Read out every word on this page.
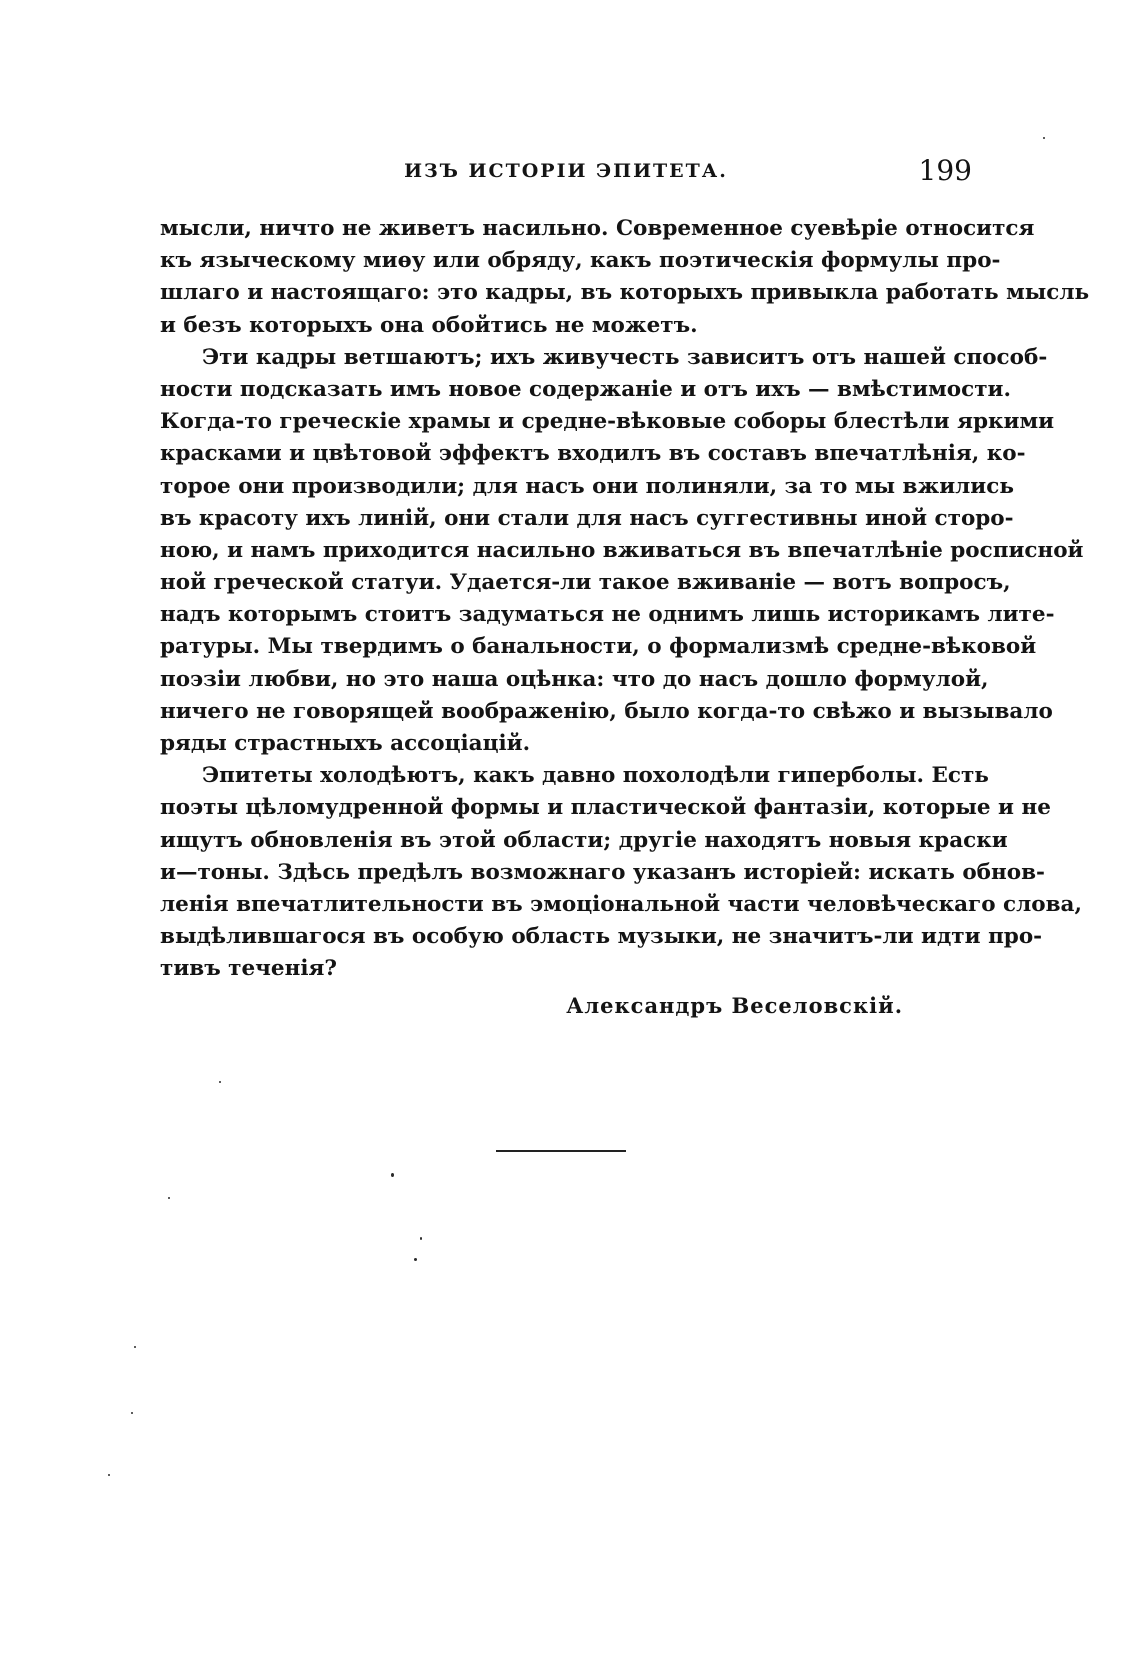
ИЗЪ ИСТОРІИ ЭПИТЕТА.	199
мысли, ничто не живетъ насильно. Современное суевѣріе относится
къ языческому миѳу или обряду, какъ поэтическія формулы про-
шлаго и настоящаго: это кадры, въ которыхъ привыкла работать мысль
и безъ которыхъ она обойтись не можетъ.
Эти кадры ветшаютъ; ихъ живучесть зависитъ отъ нашей способ-
ности подсказать имъ новое содержаніе и отъ ихъ — вмѣстимости.
Когда-то греческіе храмы и средне-вѣковые соборы блестѣли яркими
красками и цвѣтовой эффектъ входилъ въ составъ впечатлѣнія, ко-
торое они производили; для насъ они полиняли, за то мы вжились
въ красоту ихъ линій, они стали для насъ суггестивны иной сторо-
ною, и намъ приходится насильно вживаться въ впечатлѣніе росписной
ной греческой статуи. Удается-ли такое вживаніе — вотъ вопросъ,
надъ которымъ стоитъ задуматься не однимъ лишь историкамъ лите-
ратуры. Мы твердимъ о банальности, о формализмѣ средне-вѣковой
поэзіи любви, но это наша оцѣнка: что до насъ дошло формулой,
ничего не говорящей воображенію, было когда-то свѣжо и вызывало
ряды страстныхъ ассоціацій.
Эпитеты холодѣютъ, какъ давно похолодѣли гиперболы. Есть
поэты цѣломудренной формы и пластической фантазіи, которые и не
ищутъ обновленія въ этой области; другіе находятъ новыя краски
и—тоны. Здѣсь предѣлъ возможнаго указанъ исторіей: искать обнов-
ленія впечатлительности въ эмоціональной части человѣческаго слова,
выдѣлившагося въ особую область музыки, не значитъ-ли идти про-
тивъ теченія?
Александръ Веселовскій.
